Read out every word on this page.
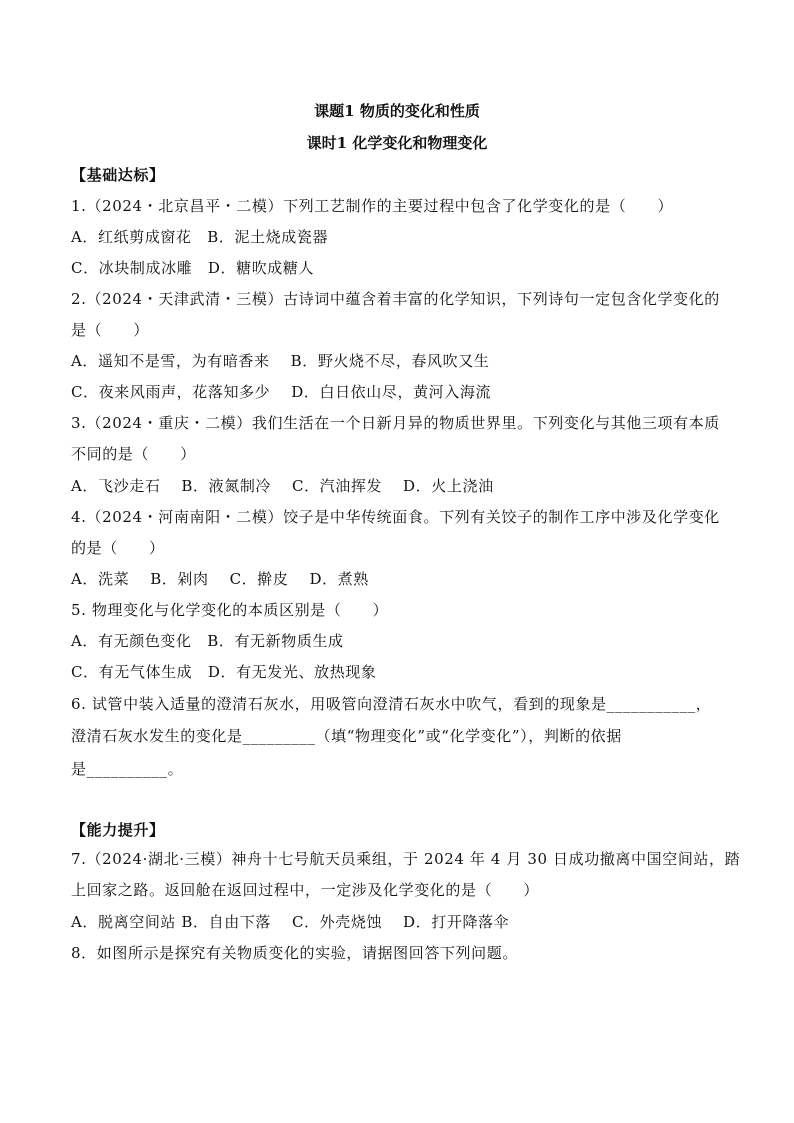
课题1 物质的变化和性质
课时1 化学变化和物理变化
【基础达标】
1.（2024・北京昌平・二模）下列工艺制作的主要过程中包含了化学变化的是（　　）
A．红纸剪成窗花　B．泥土烧成瓷器
C．冰块制成冰雕　D．糖吹成糖人
2.（2024・天津武清・三模）古诗词中蕴含着丰富的化学知识，下列诗句一定包含化学变化的
是（　　）
A．遥知不是雪，为有暗香来　 B．野火烧不尽，春风吹又生
C．夜来风雨声，花落知多少　 D．白日依山尽，黄河入海流
3.（2024・重庆・二模）我们生活在一个日新月异的物质世界里。下列变化与其他三项有本质
不同的是（　　）
A．飞沙走石　 B．液氮制冷　 C．汽油挥发　 D．火上浇油
4.（2024・河南南阳・二模）饺子是中华传统面食。下列有关饺子的制作工序中涉及化学变化
的是（　　）
A．洗菜　 B．剁肉　 C．擀皮　 D．煮熟
5. 物理变化与化学变化的本质区别是（　　）
A．有无颜色变化　B．有无新物质生成
C．有无气体生成　D．有无发光、放热现象
6. 试管中装入适量的澄清石灰水，用吸管向澄清石灰水中吹气，看到的现象是___________，
澄清石灰水发生的变化是_________（填“物理变化”或“化学变化”），判断的依据
是__________。
【能力提升】
7.（2024·湖北·三模）神舟十七号航天员乘组，于 2024 年 4 月 30 日成功撤离中国空间站，踏
上回家之路。返回舱在返回过程中，一定涉及化学变化的是（　　）
A．脱离空间站 B．自由下落　 C．外壳烧蚀　 D．打开降落伞
8．如图所示是探究有关物质变化的实验，请据图回答下列问题。
